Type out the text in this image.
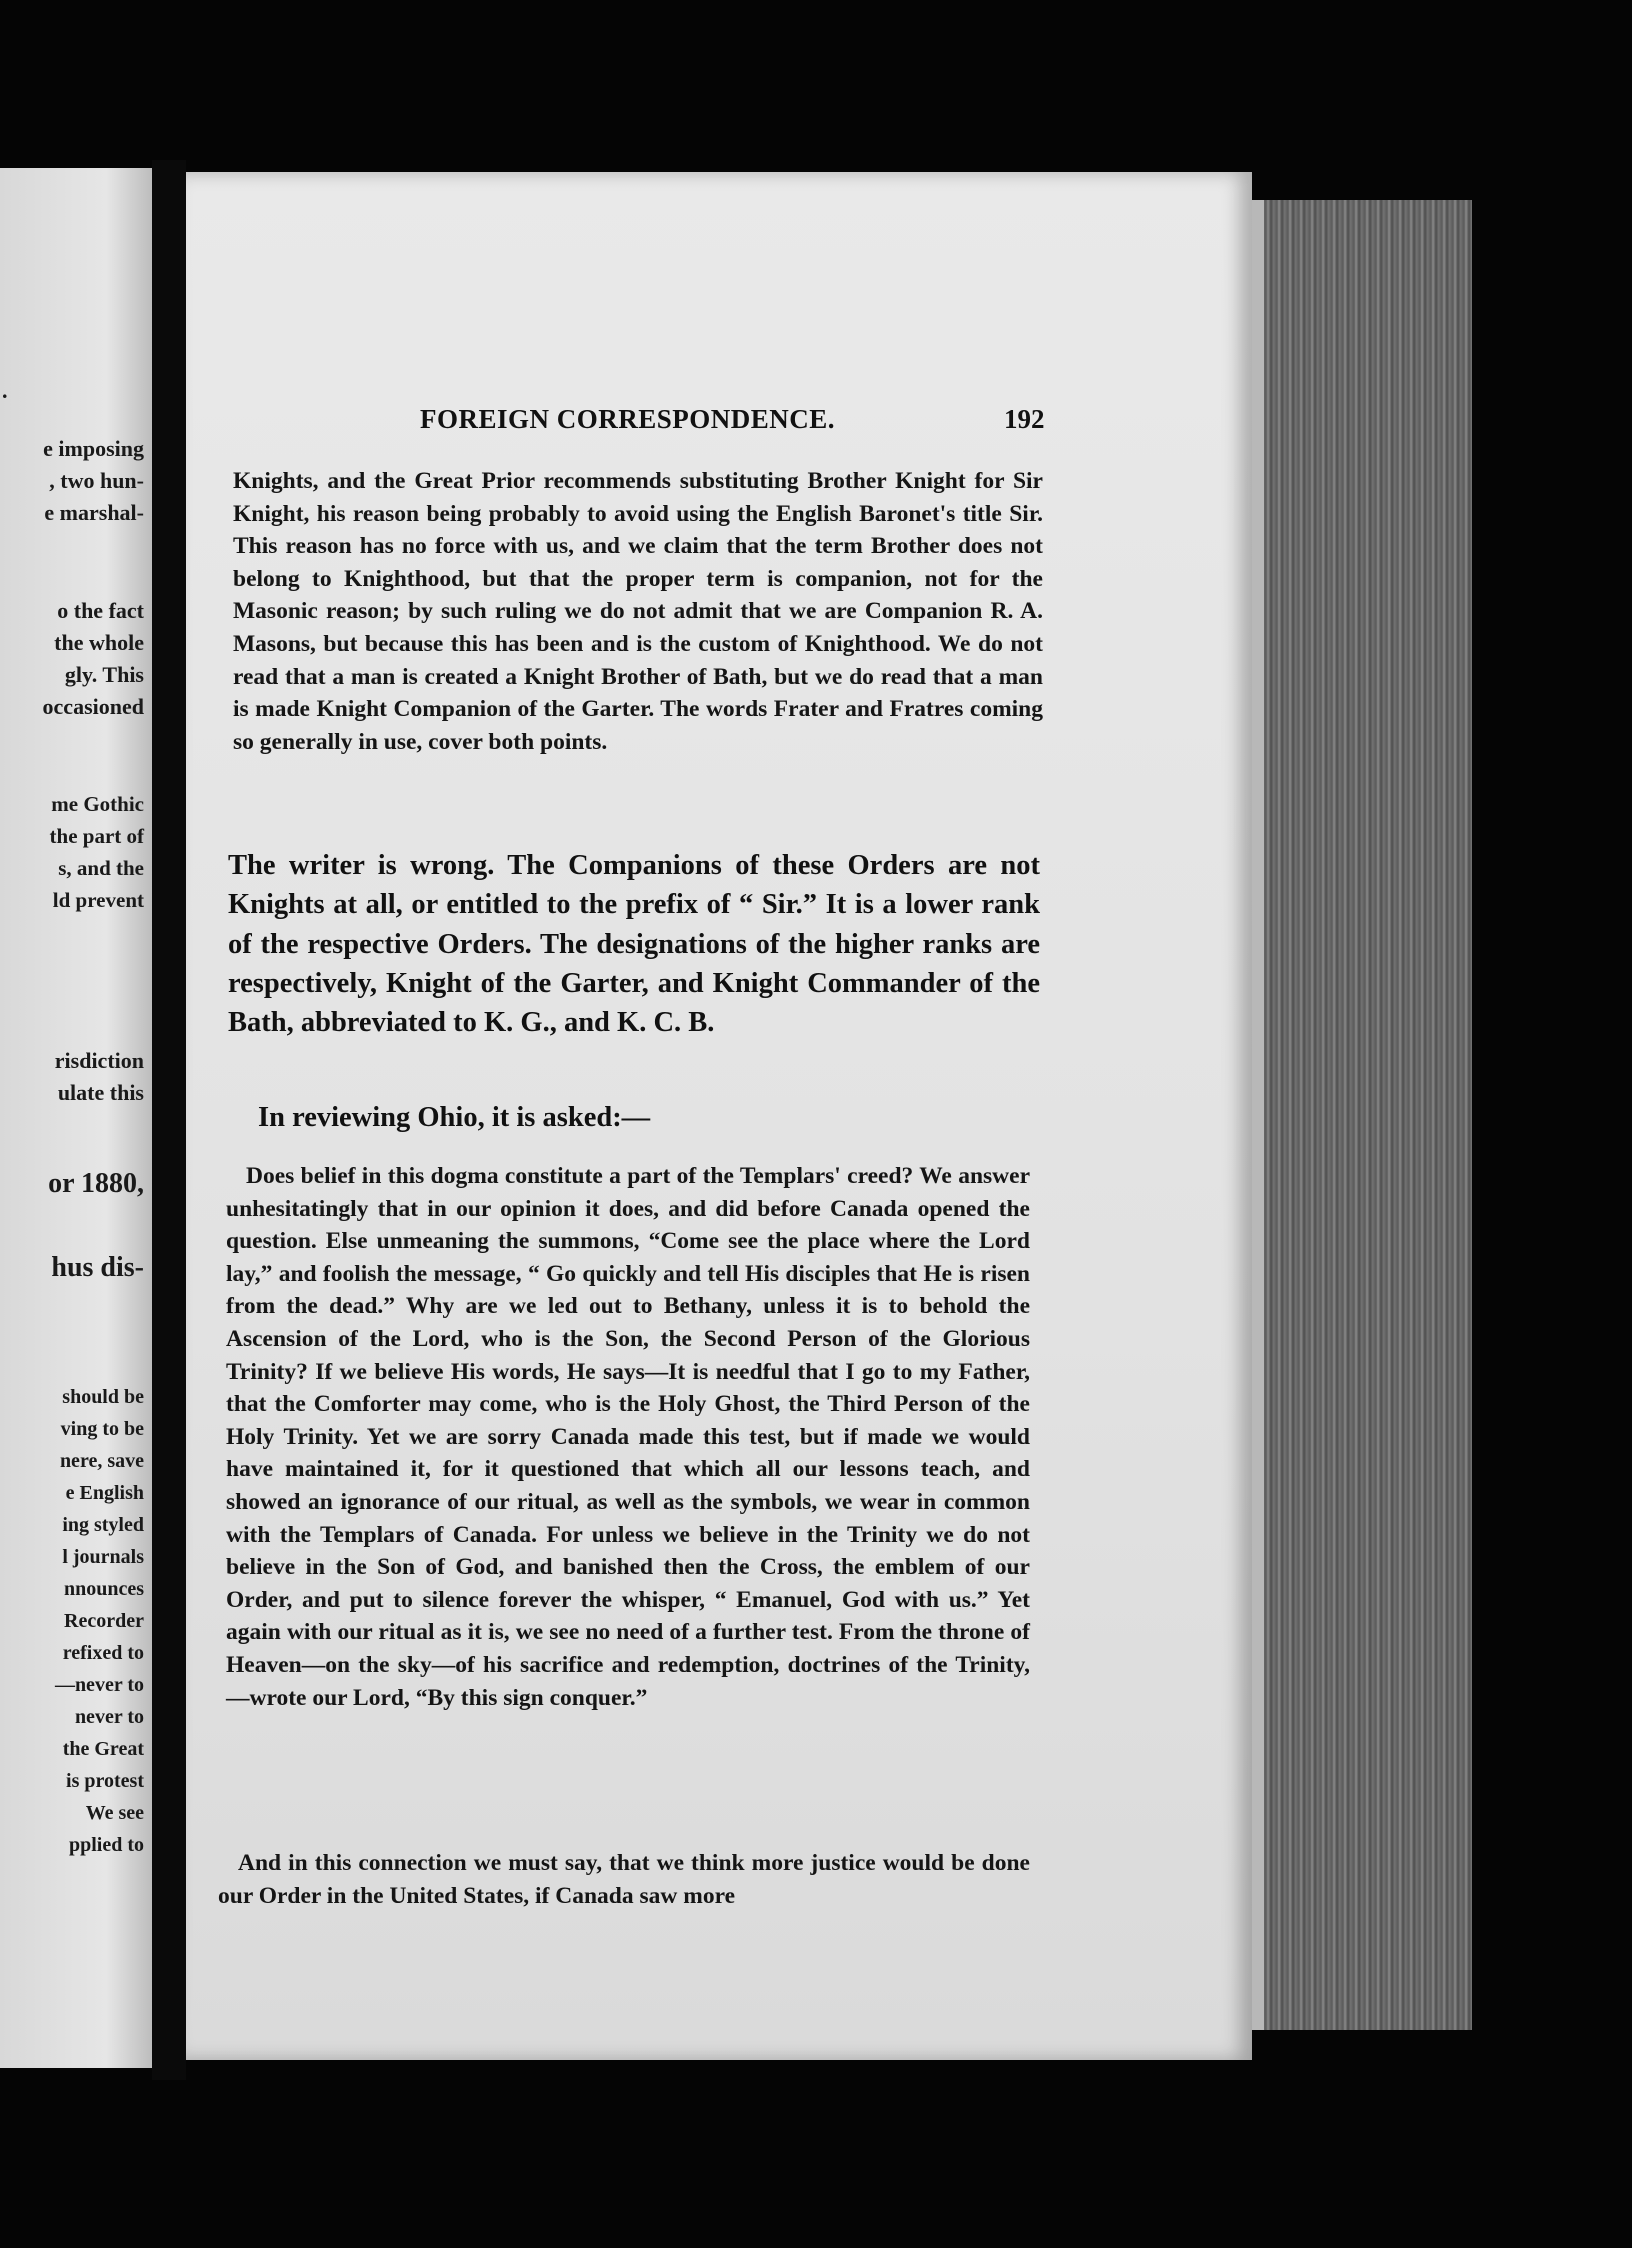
.
e imposing
, two hun-
e marshal-
o the fact
the whole
gly. This
occasioned
me Gothic
the part of
s, and the
ld prevent
risdiction
ulate this
or 1880,
hus dis-
should be
ving to be
nere, save
e English
ing styled
l journals
nnounces
Recorder
refixed to
—never to
never to
the Great
is protest
We see
pplied to
FOREIGN CORRESPONDENCE.	192

Knights, and the Great Prior recommends substituting Brother Knight for Sir Knight, his reason being probably to avoid using the English Baronet's title Sir. This reason has no force with us, and we claim that the term Brother does not belong to Knighthood, but that the proper term is companion, not for the Masonic reason; by such ruling we do not admit that we are Companion R. A. Masons, but because this has been and is the custom of Knighthood. We do not read that a man is created a Knight Brother of Bath, but we do read that a man is made Knight Companion of the Garter. The words Frater and Fratres coming so generally in use, cover both points.

The writer is wrong. The Companions of these Orders are not Knights at all, or entitled to the prefix of “ Sir.” It is a lower rank of the respective Orders. The designations of the higher ranks are respectively, Knight of the Garter, and Knight Commander of the Bath, abbreviated to K. G., and K. C. B.

In reviewing Ohio, it is asked:—

Does belief in this dogma constitute a part of the Templars' creed? We answer unhesitatingly that in our opinion it does, and did before Canada opened the question. Else unmeaning the summons, “Come see the place where the Lord lay,” and foolish the message, “ Go quickly and tell His disciples that He is risen from the dead.” Why are we led out to Bethany, unless it is to behold the Ascension of the Lord, who is the Son, the Second Person of the Glorious Trinity? If we believe His words, He says—It is needful that I go to my Father, that the Comforter may come, who is the Holy Ghost, the Third Person of the Holy Trinity. Yet we are sorry Canada made this test, but if made we would have maintained it, for it questioned that which all our lessons teach, and showed an ignorance of our ritual, as well as the symbols, we wear in common with the Templars of Canada. For unless we believe in the Trinity we do not believe in the Son of God, and banished then the Cross, the emblem of our Order, and put to silence forever the whisper, “ Emanuel, God with us.” Yet again with our ritual as it is, we see no need of a further test. From the throne of Heaven—on the sky—of his sacrifice and redemption, doctrines of the Trinity,—wrote our Lord, “By this sign conquer.”

And in this connection we must say, that we think more justice would be done our Order in the United States, if Canada saw more
